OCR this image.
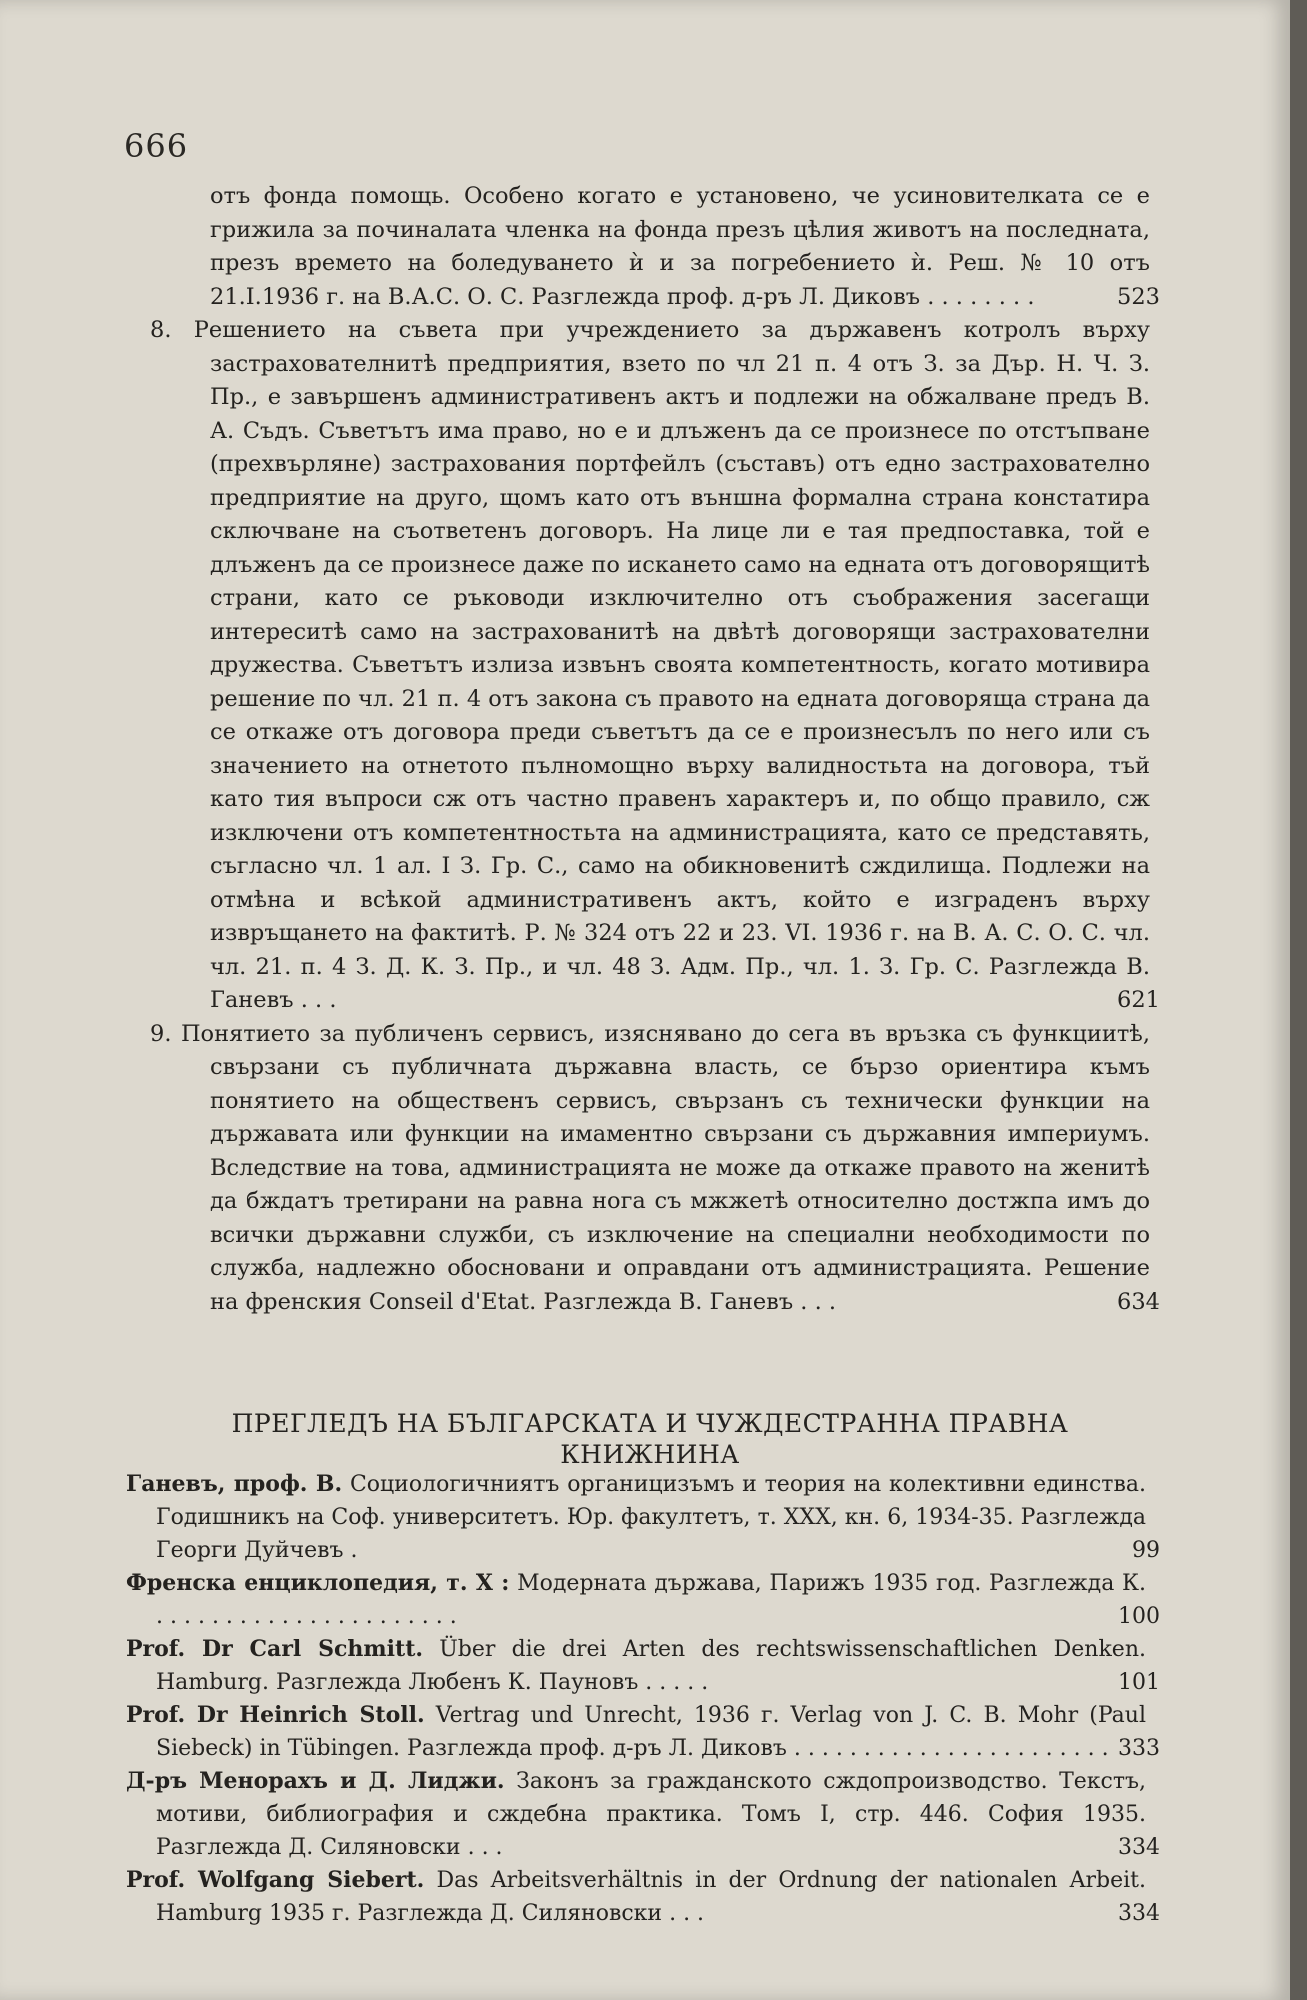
666
отъ фонда помощь. Особено когато е установено, че усиновителката се е грижила за починалата членка на фонда презъ цѣлия животъ на последната, презъ времето на боледуването ѝ и за погребението ѝ. Реш. № 10 отъ 21.I.1936 г. на В.А.С. О. С. Разглежда проф. д-ръ Л. Диковъ . . . . . . . .	523
8. Решението на съвета при учреждението за държавенъ котролъ върху застрахователнитѣ предприятия, взето по чл 21 п. 4 отъ З. за Дър. Н. Ч. З. Пр., е завършенъ административенъ актъ и подлежи на обжалване предъ В. А. Съдъ. Съветътъ има право, но е и длъженъ да се произнесе по отстъпване (прехвърляне) застрахования портфейлъ (съставъ) отъ едно застрахователно предприятие на друго, щомъ като отъ външна формална страна констатира сключване на съответенъ договоръ. На лице ли е тая предпоставка, той е длъженъ да се произнесе даже по искането само на едната отъ договорящитѣ страни, като се ръководи изключително отъ съображения засегащи интереситѣ само на застрахованитѣ на двѣтѣ договорящи застрахователни дружества. Съветътъ излиза извънъ своята компетентность, когато мотивира решение по чл. 21 п. 4 отъ закона съ правото на едната договоряща страна да се откаже отъ договора преди съветътъ да се е произнесълъ по него или съ значението на отнетото пълномощно върху валидностьта на договора, тъй като тия въпроси сж отъ частно правенъ характеръ и, по общо правило, сж изключени отъ компетентностьта на администрацията, като се представять, съгласно чл. 1 ал. I З. Гр. С., само на обикновенитѣ сждилища. Подлежи на отмѣна и всѣкой административенъ актъ, който е изграденъ върху извръщането на фактитѣ. Р. № 324 отъ 22 и 23. VI. 1936 г. на В. А. С. О. С. чл. чл. 21. п. 4 З. Д. К. З. Пр., и чл. 48 З. Адм. Пр., чл. 1. З. Гр. С. Разглежда В. Ганевъ . . .	621
9. Понятието за публиченъ сервисъ, изяснявано до сега въ връзка съ функциитѣ, свързани съ публичната държавна власть, се бързо ориентира къмъ понятието на общественъ сервисъ, свързанъ съ технически функции на държавата или функции на имаментно свързани съ държавния империумъ. Вследствие на това, администрацията не може да откаже правото на женитѣ да бждатъ третирани на равна нога съ мжжетѣ относително достжпа имъ до всички държавни служби, съ изключение на специални необходимости по служба, надлежно обосновани и оправдани отъ администрацията. Решение на френския Conseil d'Etat. Разглежда В. Ганевъ . . .	634
ПРЕГЛЕДЪ НА БЪЛГАРСКАТА И ЧУЖДЕСТРАННА ПРАВНА
КНИЖНИНА
Ганевъ, проф. В. Социологичниятъ органицизъмъ и теория на колективни единства. Годишникъ на Соф. университетъ. Юр. факултетъ, т. XXX, кн. 6, 1934-35. Разглежда Георги Дуйчевъ .	99
Френска енциклопедия, т. X : Модерната държава, Парижъ 1935 год. Разглежда К. . . . . . . . . . . . . . . . . . . . . . .	100
Prof. Dr Carl Schmitt. Über die drei Arten des rechtswissenschaftlichen Denken. Hamburg. Разглежда Любенъ К. Пауновъ . . . . .	101
Prof. Dr Heinrich Stoll. Vertrag und Unrecht, 1936 г. Verlag von J. C. B. Mohr (Paul Siebeck) in Tübingen. Разглежда проф. д-ръ Л. Диковъ . . . . . . . . . . . . . . . . . . . . . . . 333
Д-ръ Менорахъ и Д. Лиджи. Законъ за гражданското сждопроизводство. Текстъ, мотиви, библиография и сждебна практика. Томъ I, стр. 446. София 1935. Разглежда Д. Силяновски . . .	334
Prof. Wolfgang Siebert. Das Arbeitsverhältnis in der Ordnung der nationalen Arbeit. Hamburg 1935 г. Разглежда Д. Силяновски . . .	334
